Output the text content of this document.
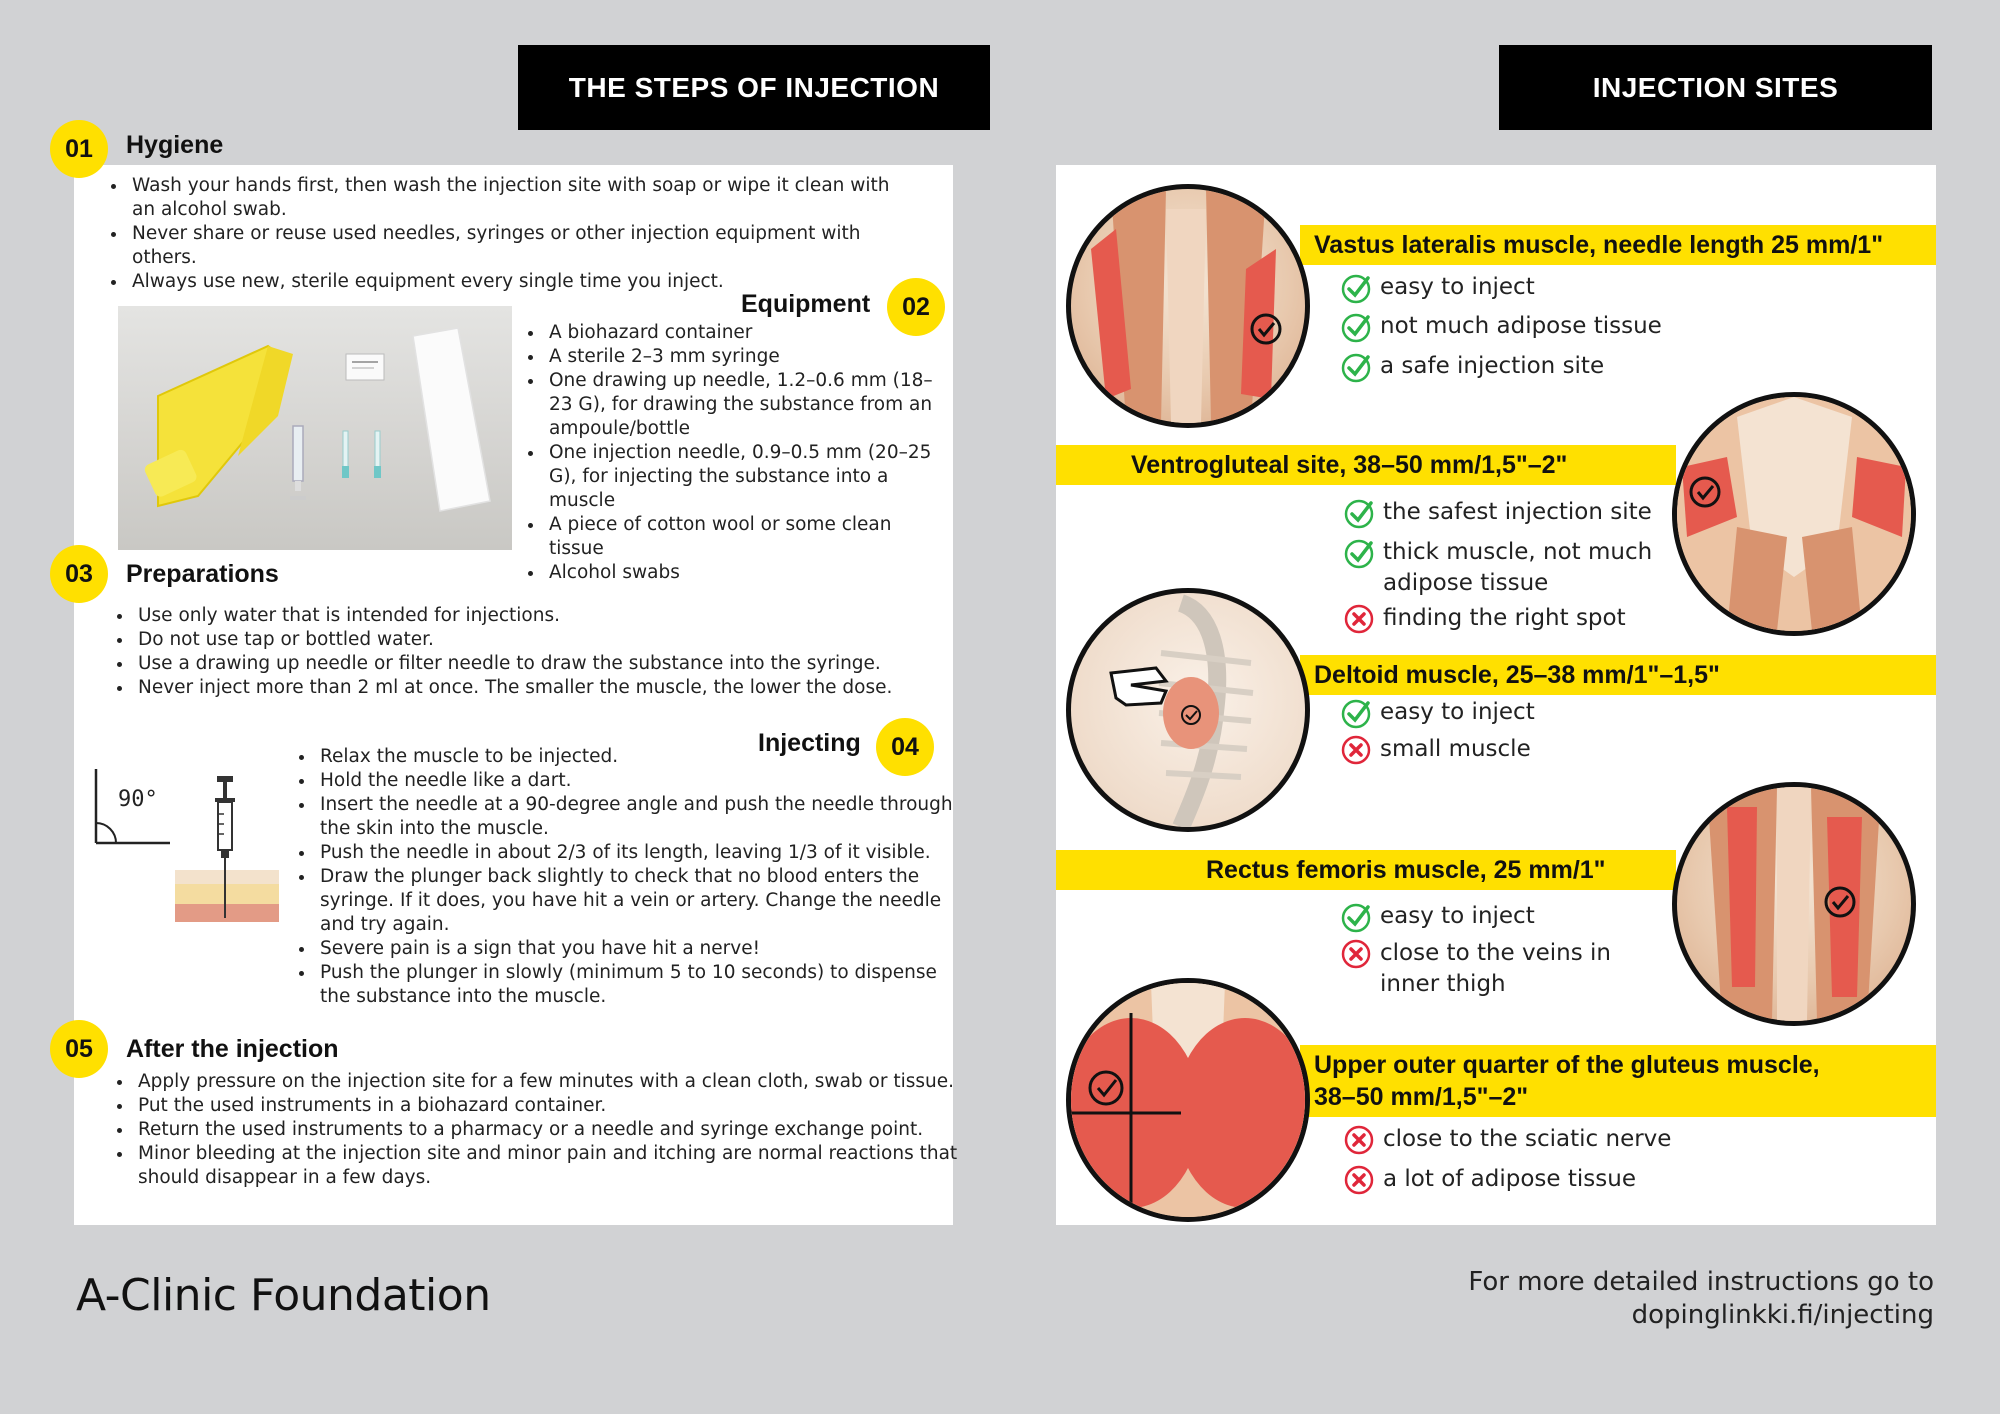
THE STEPS OF INJECTION	INJECTION SITES
01	Hygiene
• Wash your hands first, then wash the injection site with soap or wipe it clean with an alcohol swab.
• Never share or reuse used needles, syringes or other injection equipment with others.
• Always use new, sterile equipment every single time you inject.
Equipment	02
• A biohazard container
• A sterile 2–3 mm syringe
• One drawing up needle, 1.2–0.6 mm (18–23 G), for drawing the substance from an ampoule/bottle
• One injection needle, 0.9–0.5 mm (20–25 G), for injecting the substance into a muscle
• A piece of cotton wool or some clean tissue
• Alcohol swabs
03	Preparations
• Use only water that is intended for injections.
• Do not use tap or bottled water.
• Use a drawing up needle or filter needle to draw the substance into the syringe.
• Never inject more than 2 ml at once. The smaller the muscle, the lower the dose.
Injecting	04
90°
• Relax the muscle to be injected.
• Hold the needle like a dart.
• Insert the needle at a 90-degree angle and push the needle through the skin into the muscle.
• Push the needle in about 2/3 of its length, leaving 1/3 of it visible.
• Draw the plunger back slightly to check that no blood enters the syringe. If it does, you have hit a vein or artery. Change the needle and try again.
• Severe pain is a sign that you have hit a nerve!
• Push the plunger in slowly (minimum 5 to 10 seconds) to dispense the substance into the muscle.
05	After the injection
• Apply pressure on the injection site for a few minutes with a clean cloth, swab or tissue.
• Put the used instruments in a biohazard container.
• Return the used instruments to a pharmacy or a needle and syringe exchange point.
• Minor bleeding at the injection site and minor pain and itching are normal reactions that should disappear in a few days.
Vastus lateralis muscle, needle length 25 mm/1"
easy to inject
not much adipose tissue
a safe injection site
Ventrogluteal site, 38–50 mm/1,5"–2"
the safest injection site
thick muscle, not much adipose tissue
finding the right spot
Deltoid muscle, 25–38 mm/1"–1,5"
easy to inject
small muscle
Rectus femoris muscle, 25 mm/1"
easy to inject
close to the veins in inner thigh
Upper outer quarter of the gluteus muscle,
38–50 mm/1,5"–2"
close to the sciatic nerve
a lot of adipose tissue
A-Clinic Foundation	For more detailed instructions go to
dopinglinkki.fi/injecting
